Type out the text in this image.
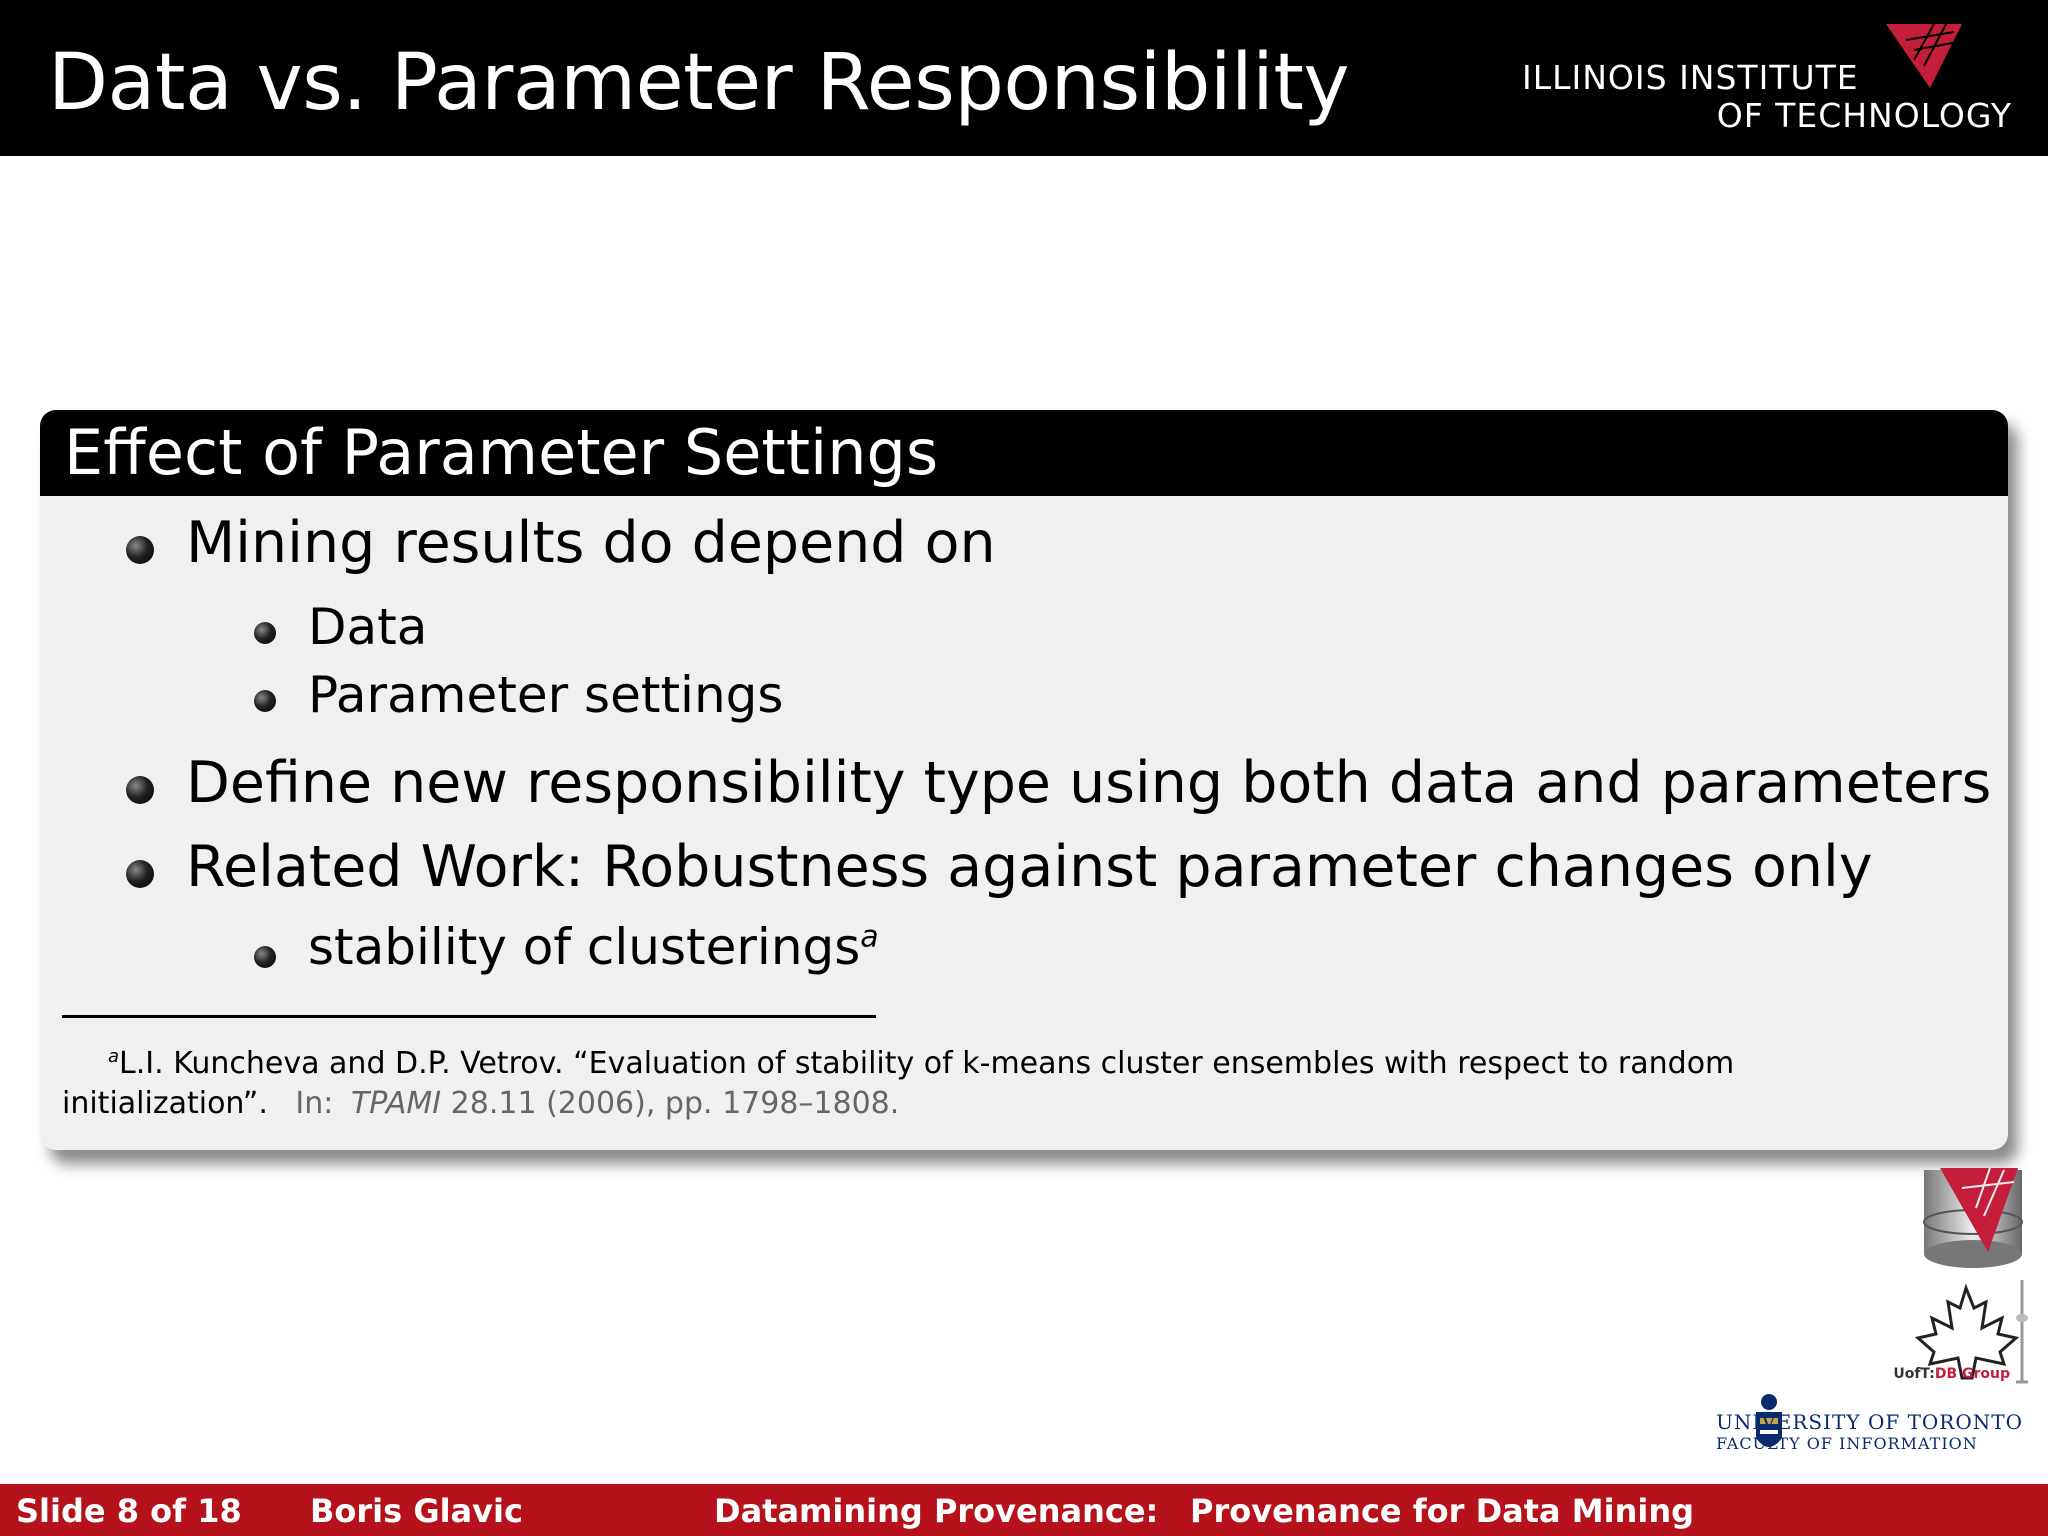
Data vs. Parameter Responsibility	ILLINOIS INSTITUTE
OF TECHNOLOGY
Effect of Parameter Settings
Mining results do depend on
Data
Parameter settings
Define new responsibility type using both data and parameters
Related Work: Robustness against parameter changes only
stability of clusterings$^a$
$^a$L.I. Kuncheva and D.P. Vetrov. “Evaluation of stability of k-means cluster ensembles with respect to random
initialization”. In: TPAMI 28.11 (2006), pp. 1798–1808.
UofT:DB Group
UNIVERSITY OF TORONTO
FACULTY OF INFORMATION
Slide 8 of 18 Boris Glavic	Datamining Provenance: Provenance for Data Mining
